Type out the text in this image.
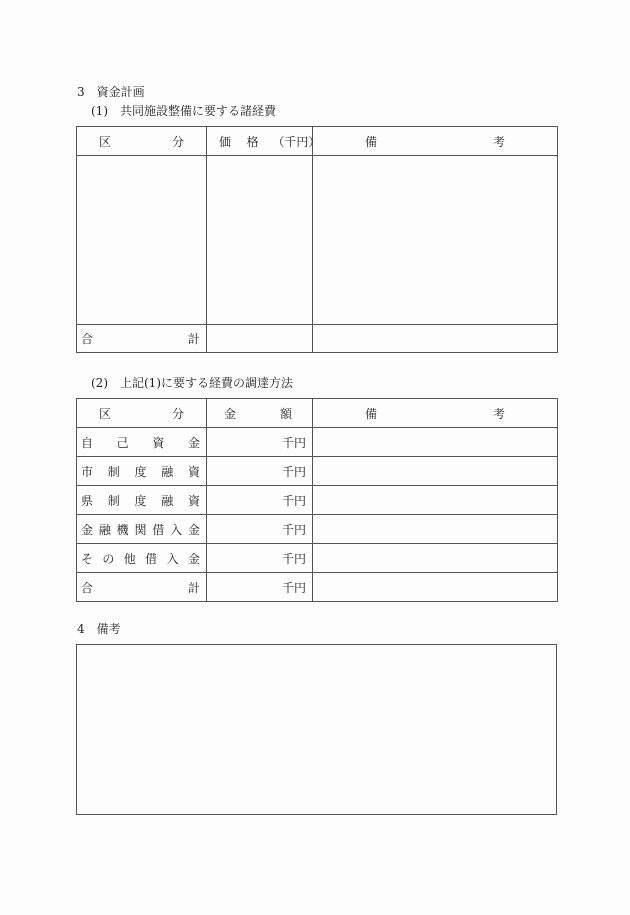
3　資金計画
(1)　共同施設整備に要する諸経費
区 分	価 格 （千円）	備 考

合 計		

(2)　上記(1)に要する経費の調達方法
区 分	金 額	備 考

自 己 資 金	千円	

市 制 度 融 資	千円	

県 制 度 融 資	千円	

金 融 機 関 借 入 金	千円	

そ の 他 借 入 金	千円	

合 計	千円	
4　備考
